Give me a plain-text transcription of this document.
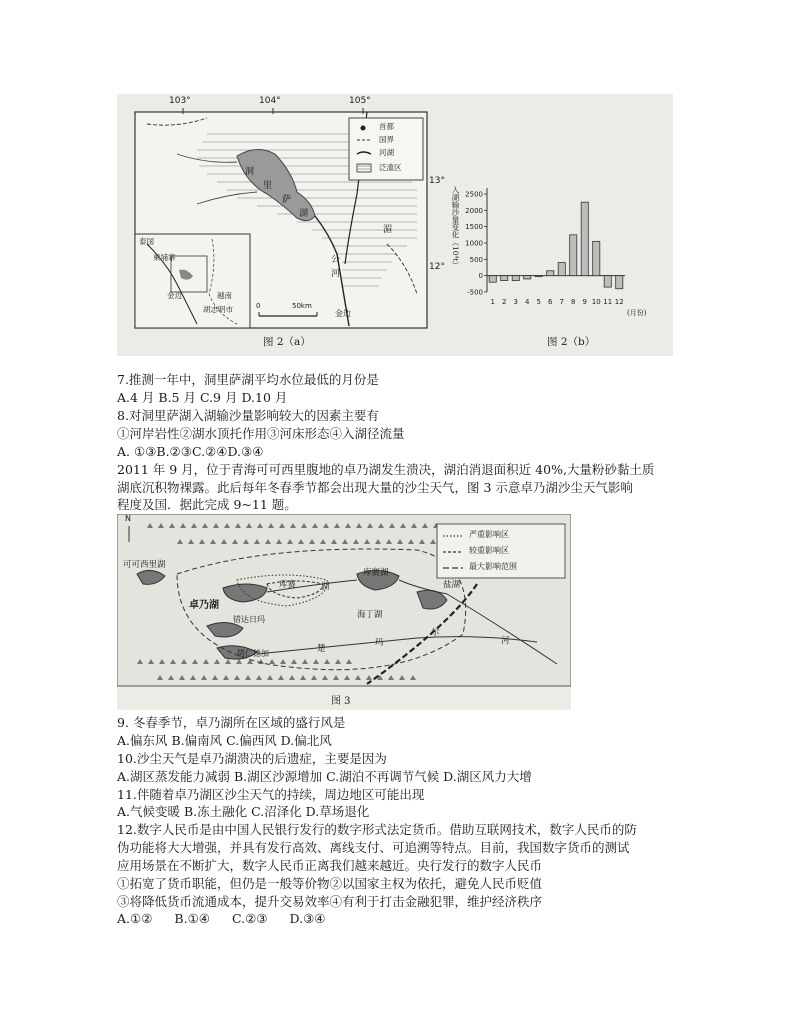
1 2 3 4 5 6 7 8 9 10 11 12
2500
2000
1500
1000
500
0
-500
103°	104°	105°
13°
12°
首都
国界
河湖
泛滥区
洞
里
萨
湖
湄
公
河
金边
泰国
柬埔寨
越南
金边
胡志明市	0	50km
图 2（a）
入湖输沙量变化（10⁴t）
(月份)
图 2（b）
7.推测一年中，洞里萨湖平均水位最低的月份是
A.4 月 B.5 月 C.9 月 D.10 月
8.对洞里萨湖入湖输沙量影响较大的因素主要有
①河岸岩性②湖水顶托作用③河床形态④入湖径流量
A. ①③B.②③C.②④D.③④
2011 年 9 月，位于青海可可西里腹地的卓乃湖发生溃决，湖泊消退面积近 40%,大量粉砂黏土质
湖底沉积物裸露。此后每年冬春季节都会出现大量的沙尘天气，图 3 示意卓乃湖沙尘天气影响
程度及国．据此完成 9~11 题。
N
严重影响区
较重影响区
最大影响范围
可可西里湖
卓乃湖
库赛	湖
库赛湖
海丁湖
盐湖
楚
玛
尔
河
错达日玛
错仁德加
图 3
9. 冬春季节，卓乃湖所在区域的盛行风是
A.偏东风 B.偏南风 C.偏西风 D.偏北风
10.沙尘天气是卓乃湖溃决的后遗症，主要是因为
A.湖区蒸发能力减弱 B.湖区沙源增加 C.湖泊不再调节气候 D.湖区风力大增
11.伴随着卓乃湖区沙尘天气的持续，周边地区可能出现
A.气候变暖 B.冻土融化 C.沼泽化 D.草场退化
12.数字人民币是由中国人民银行发行的数字形式法定货币。借助互联网技术，数字人民币的防
伪功能将大大增强，并具有发行高效、离线支付、可追溯等特点。目前，我国数字货币的测试
应用场景在不断扩大，数字人民币正离我们越来越近。央行发行的数字人民币
①拓宽了货币职能，但仍是一般等价物②以国家主权为依托，避免人民币贬值
③将降低货币流通成本，提升交易效率④有利于打击金融犯罪，维护经济秩序
A.①② B.①④ C.②③ D.③④
